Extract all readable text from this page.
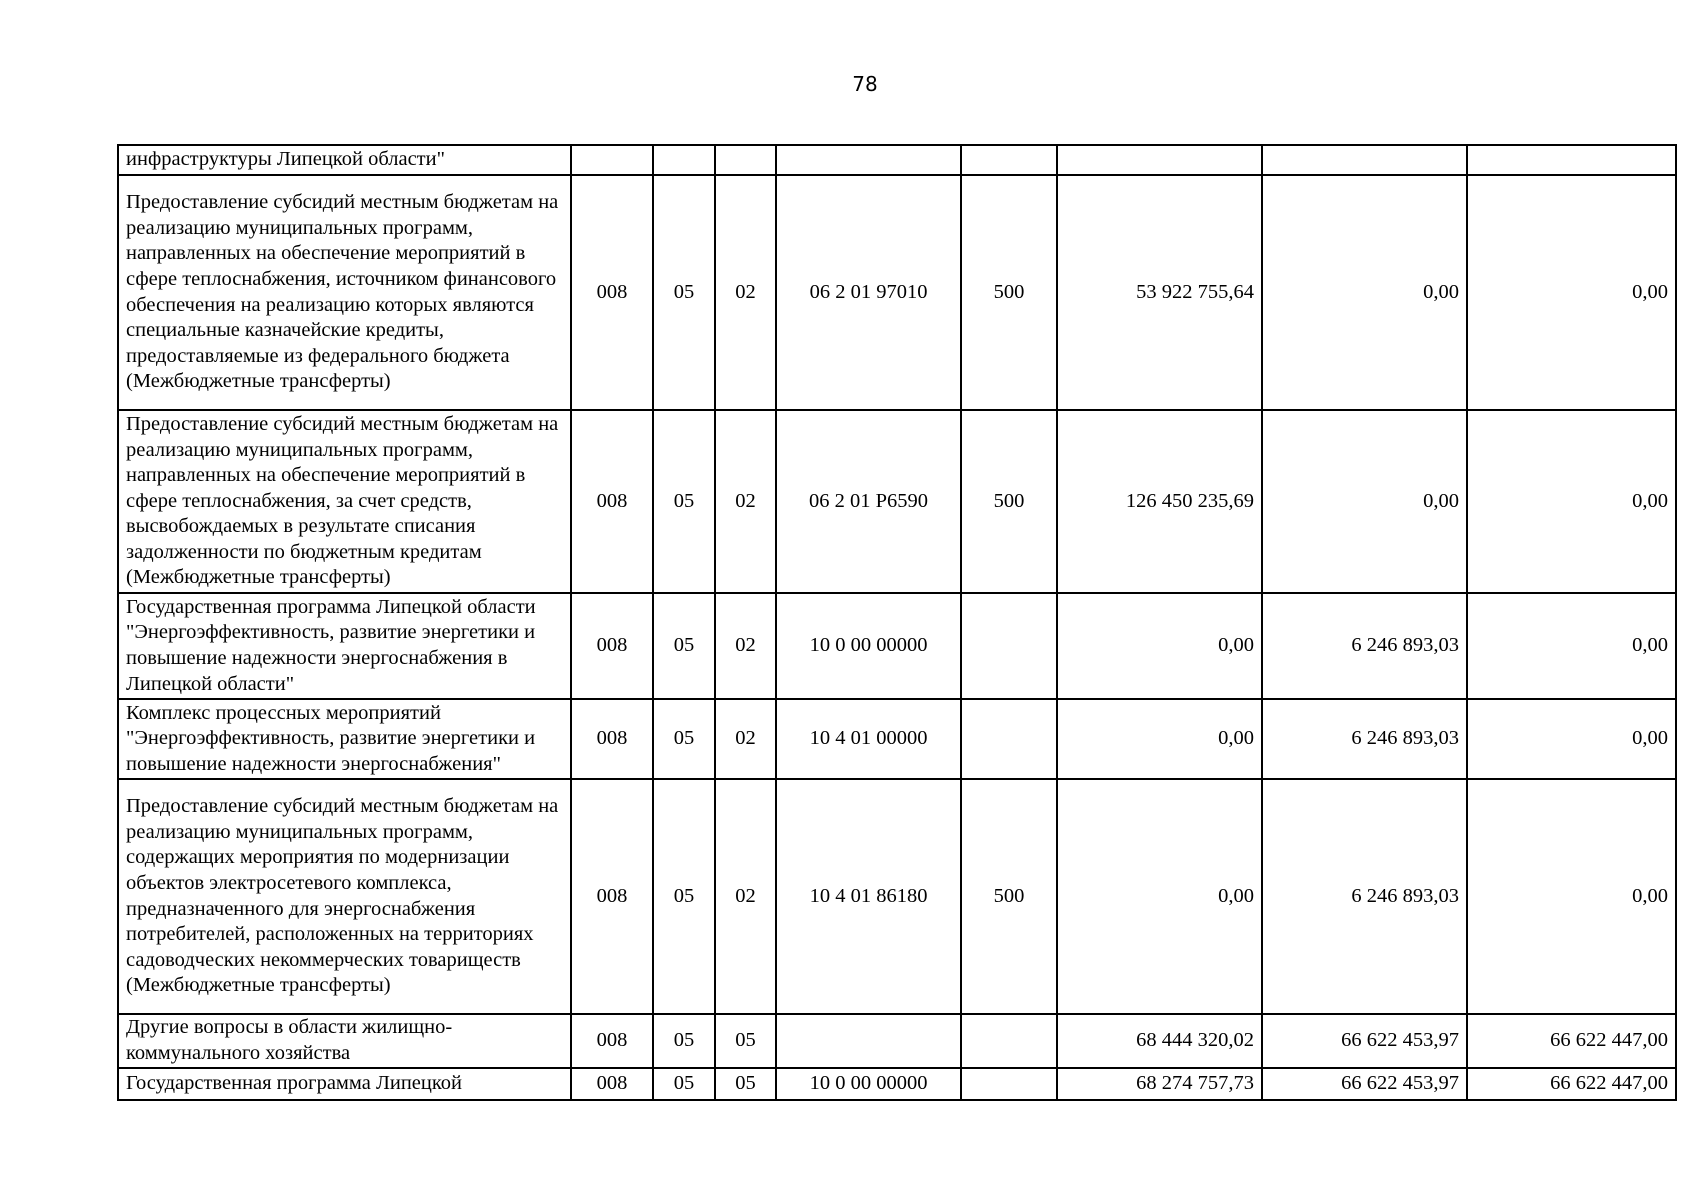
78
инфраструктуры Липецкой области"								
Предоставление субсидий местным бюджетам на реализацию муниципальных программ, направленных на обеспечение мероприятий в сфере теплоснабжения, источником финансового обеспечения на реализацию которых являются специальные казначейские кредиты, предоставляемые из федерального бюджета (Межбюджетные трансферты)	008	05	02	06 2 01 97010	500	53 922 755,64	0,00	0,00
Предоставление субсидий местным бюджетам на реализацию муниципальных программ, направленных на обеспечение мероприятий в сфере теплоснабжения, за счет средств, высвобождаемых в результате списания задолженности по бюджетным кредитам (Межбюджетные трансферты)	008	05	02	06 2 01 P6590	500	126 450 235,69	0,00	0,00
Государственная программа Липецкой области "Энергоэффективность, развитие энергетики и повышение надежности энергоснабжения в Липецкой области"	008	05	02	10 0 00 00000		0,00	6 246 893,03	0,00
Комплекс процессных мероприятий "Энергоэффективность, развитие энергетики и повышение надежности энергоснабжения"	008	05	02	10 4 01 00000		0,00	6 246 893,03	0,00
Предоставление субсидий местным бюджетам на реализацию муниципальных программ, содержащих мероприятия по модернизации объектов электросетевого комплекса, предназначенного для энергоснабжения потребителей, расположенных на территориях садоводческих некоммерческих товариществ (Межбюджетные трансферты)	008	05	02	10 4 01 86180	500	0,00	6 246 893,03	0,00
Другие вопросы в области жилищно-коммунального хозяйства	008	05	05			68 444 320,02	66 622 453,97	66 622 447,00
Государственная программа Липецкой	008	05	05	10 0 00 00000		68 274 757,73	66 622 453,97	66 622 447,00
